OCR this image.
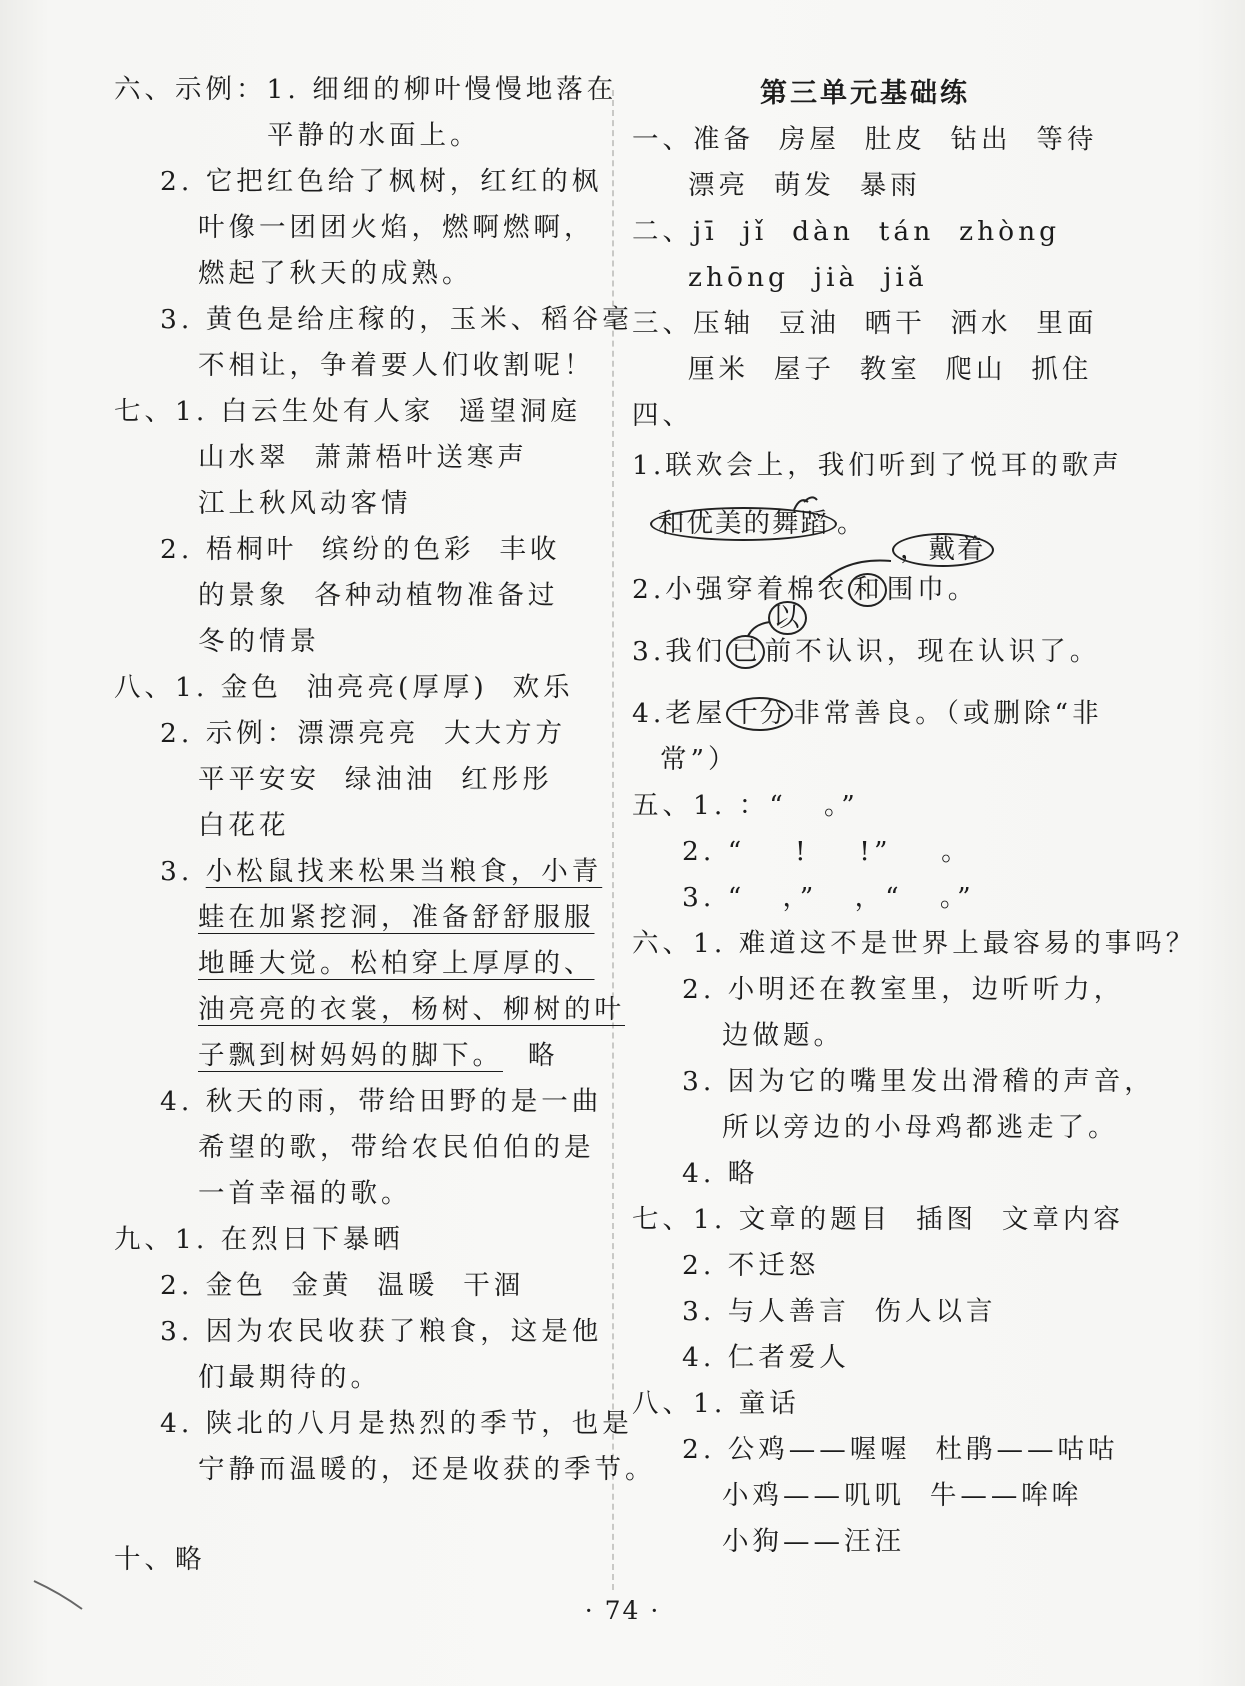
六、示例：1. 细细的柳叶慢慢地落在
平静的水面上。
2. 它把红色给了枫树，红红的枫
叶像一团团火焰，燃啊燃啊，
燃起了秋天的成熟。
3. 黄色是给庄稼的，玉米、稻谷毫
不相让，争着要人们收割呢！
七、1. 白云生处有人家  遥望洞庭
山水翠  萧萧梧叶送寒声
江上秋风动客情
2. 梧桐叶  缤纷的色彩  丰收
的景象  各种动植物准备过
冬的情景
八、1. 金色  油亮亮(厚厚)  欢乐
2. 示例：漂漂亮亮  大大方方
平平安安  绿油油  红彤彤
白花花
3. 小松鼠找来松果当粮食，小青
蛙在加紧挖洞，准备舒舒服服
地睡大觉。松柏穿上厚厚的、
油亮亮的衣裳，杨树、柳树的叶
子飘到树妈妈的脚下。  略
4. 秋天的雨，带给田野的是一曲
希望的歌，带给农民伯伯的是
一首幸福的歌。
九、1. 在烈日下暴晒
2. 金色  金黄  温暖  干涸
3. 因为农民收获了粮食，这是他
们最期待的。
4. 陕北的八月是热烈的季节，也是
宁静而温暖的，还是收获的季节。
十、略
第三单元基础练
一、准备  房屋  肚皮  钻出  等待
漂亮  萌发  暴雨
二、jī  jǐ  dàn  tán  zhòng
zhōng  jià  jiǎ
三、压轴  豆油  晒干  洒水  里面
厘米  屋子  教室  爬山  抓住
四、
1.联欢会上，我们听到了悦耳的歌声
和优美的舞蹈 。
，戴着
2.小强穿着棉衣 和 围巾。
以
3.我们 已 前不认识，现在认识了。
4.老屋 十分 非常善良。（或删除“非
常”）
五、1. ：“   。”
2. “    !    !”    。
3. “   ，”   ，“   。”
六、1. 难道这不是世界上最容易的事吗？
2. 小明还在教室里，边听听力，
边做题。
3. 因为它的嘴里发出滑稽的声音，
所以旁边的小母鸡都逃走了。
4. 略
七、1. 文章的题目  插图  文章内容
2. 不迁怒
3. 与人善言  伤人以言
4. 仁者爱人
八、1. 童话
2. 公鸡——喔喔  杜鹃——咕咕
小鸡——叽叽  牛——哞哞
小狗——汪汪
· 74 ·
